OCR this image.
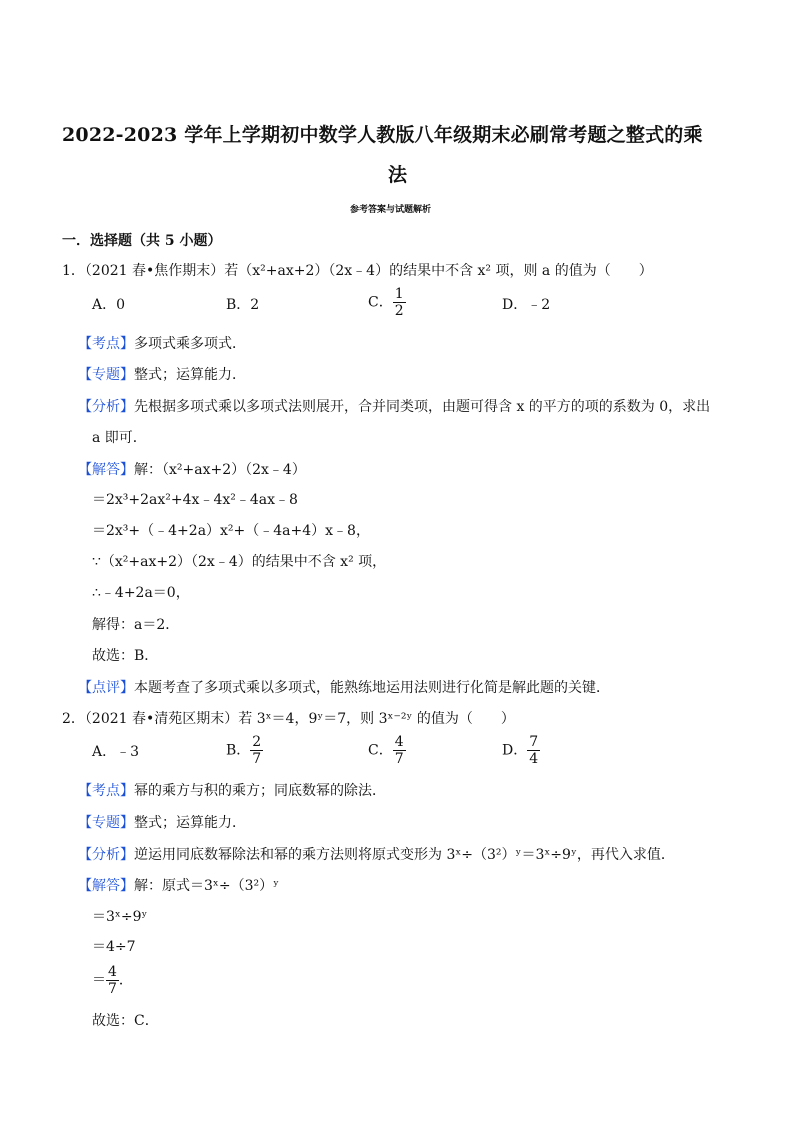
2022-2023 学年上学期初中数学人教版八年级期末必刷常考题之整式的乘
法
参考答案与试题解析
一．选择题（共 5 小题）
1．（2021 春•焦作期末）若（x²+ax+2）（2x﹣4）的结果中不含 x² 项，则 a 的值为（　　）
A．0	B．2	C． $\frac{1}{2}$	D．﹣2
【考点】多项式乘多项式．
【专题】整式；运算能力．
【分析】先根据多项式乘以多项式法则展开，合并同类项，由题可得含 x 的平方的项的系数为 0，求出
a 即可．
【解答】解：（x²+ax+2）（2x﹣4）
＝2x³+2ax²+4x﹣4x²﹣4ax﹣8
＝2x³+（﹣4+2a）x²+（﹣4a+4）x﹣8，
∵（x²+ax+2）（2x﹣4）的结果中不含 x² 项，
∴﹣4+2a＝0，
解得：a＝2．
故选：B．
【点评】本题考查了多项式乘以多项式，能熟练地运用法则进行化简是解此题的关键．
2．（2021 春•清苑区期末）若 3ˣ＝4，9ʸ＝7，则 3ˣ⁻²ʸ 的值为（　　）
A．﹣3	B． $\frac{2}{7}$	C． $\frac{4}{7}$	D． $\frac{7}{4}$
【考点】幂的乘方与积的乘方；同底数幂的除法．
【专题】整式；运算能力．
【分析】逆运用同底数幂除法和幂的乘方法则将原式变形为 3ˣ÷（3²）ʸ＝3ˣ÷9ʸ，再代入求值．
【解答】解：原式＝3ˣ÷（3²）ʸ
＝3ˣ÷9ʸ
＝4÷7
＝ $\frac{4}{7}$ ．
故选：C．
